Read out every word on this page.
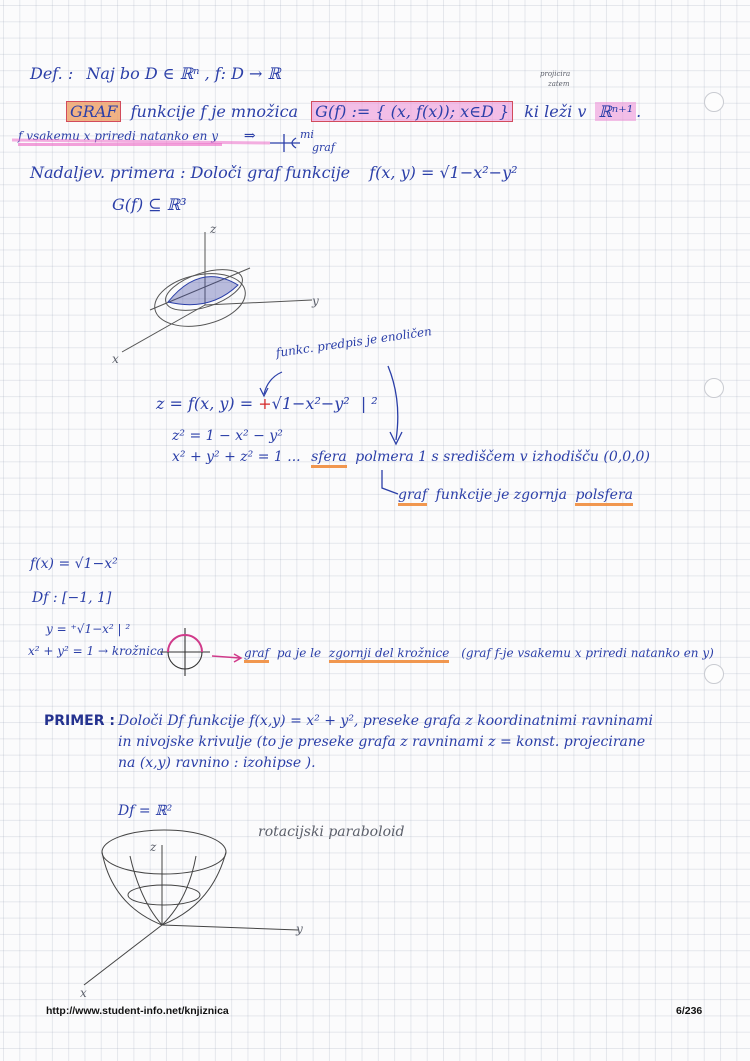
Def. : Naj bo D ∈ ℝⁿ , f: D → ℝ	projicira
zatem
GRAF funkcije f je množica G(f) := { (x, f(x)); x∈D } ki leži v ℝⁿ⁺¹ .
f vsakemu x priredi natanko en y ⇒	mi
graf
Nadaljev. primera : Določi graf funkcije f(x, y) = √1−x²−y²
G(f) ⊆ ℝ³
z
y
x	funkc. predpis je enoličen
z = f(x, y) = +√1−x²−y² | ²
z² = 1 − x² − y²
x² + y² + z² = 1 ... sfera polmera 1 s središčem v izhodišču (0,0,0)
graf funkcije je zgornja polsfera
f(x) = √1−x²
Df : [−1, 1]
y = ⁺√1−x² | ²
x² + y² = 1 → krožnica	graf pa je le zgornji del krožnice (graf f-je vsakemu x priredi natanko en y)
PRIMER : Določi Df funkcije f(x,y) = x² + y², preseke grafa z koordinatnimi ravninami
in nivojske krivulje (to je preseke grafa z ravninami z = konst. projecirane
na (x,y) ravnino : izohipse ).
Df = ℝ²
rotacijski paraboloid
z
y
x
http://www.student-info.net/knjiznica	6/236
